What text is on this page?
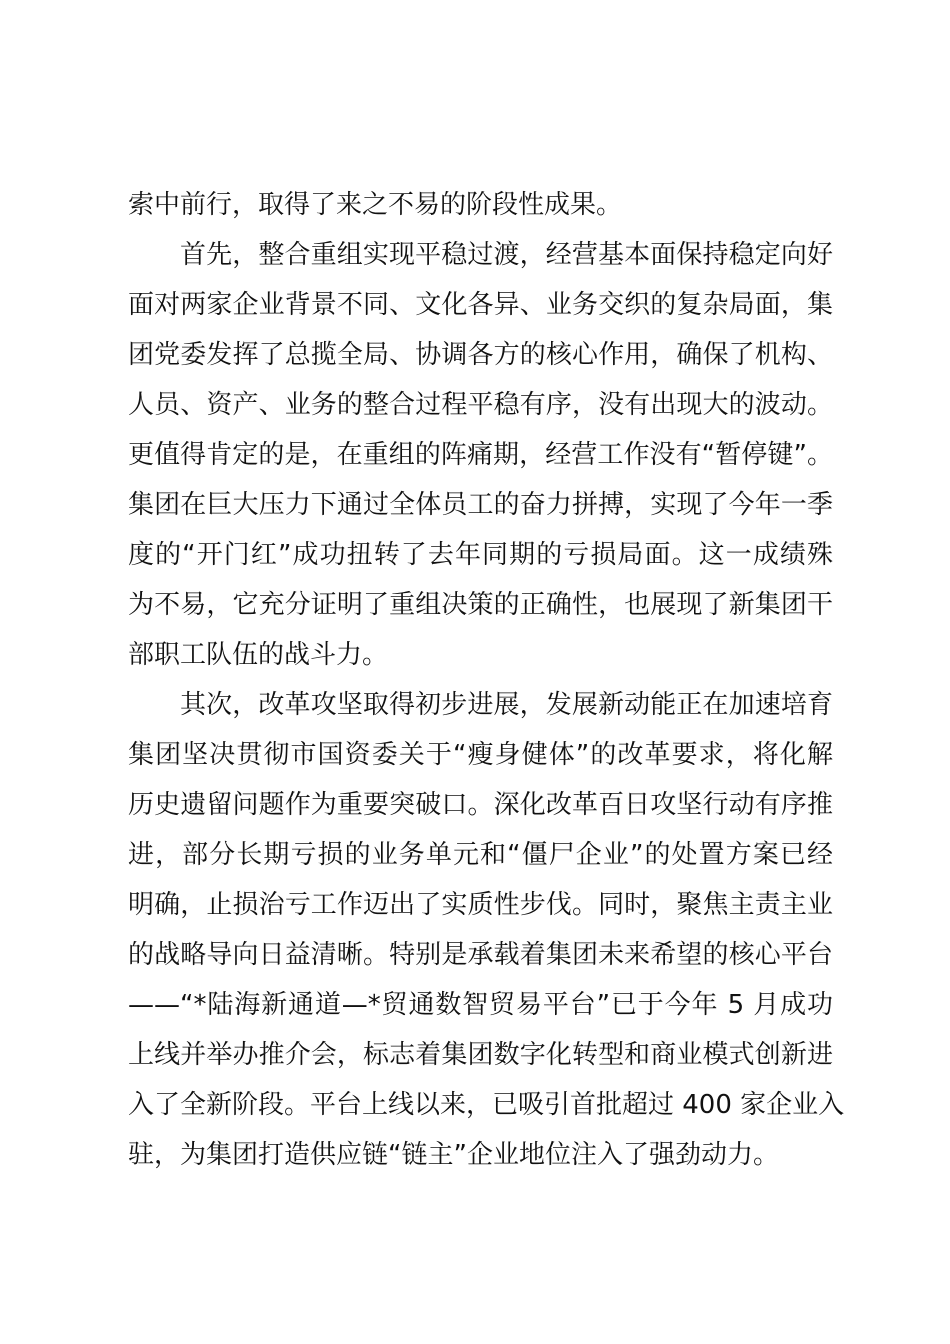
索中前行，取得了来之不易的阶段性成果。
首先，整合重组实现平稳过渡，经营基本面保持稳定向好
面对两家企业背景不同、文化各异、业务交织的复杂局面，集
团党委发挥了总揽全局、协调各方的核心作用，确保了机构、
人员、资产、业务的整合过程平稳有序，没有出现大的波动。
更值得肯定的是，在重组的阵痛期，经营工作没有“暂停键”。
集团在巨大压力下通过全体员工的奋力拼搏，实现了今年一季
度的“开门红”成功扭转了去年同期的亏损局面。这一成绩殊
为不易，它充分证明了重组决策的正确性，也展现了新集团干
部职工队伍的战斗力。
其次，改革攻坚取得初步进展，发展新动能正在加速培育
集团坚决贯彻市国资委关于“瘦身健体”的改革要求，将化解
历史遗留问题作为重要突破口。深化改革百日攻坚行动有序推
进，部分长期亏损的业务单元和“僵尸企业”的处置方案已经
明确，止损治亏工作迈出了实质性步伐。同时，聚焦主责主业
的战略导向日益清晰。特别是承载着集团未来希望的核心平台
——“*陆海新通道—*贸通数智贸易平台”已于今年 5 月成功
上线并举办推介会，标志着集团数字化转型和商业模式创新进
入了全新阶段。平台上线以来，已吸引首批超过 400 家企业入
驻，为集团打造供应链“链主”企业地位注入了强劲动力。
